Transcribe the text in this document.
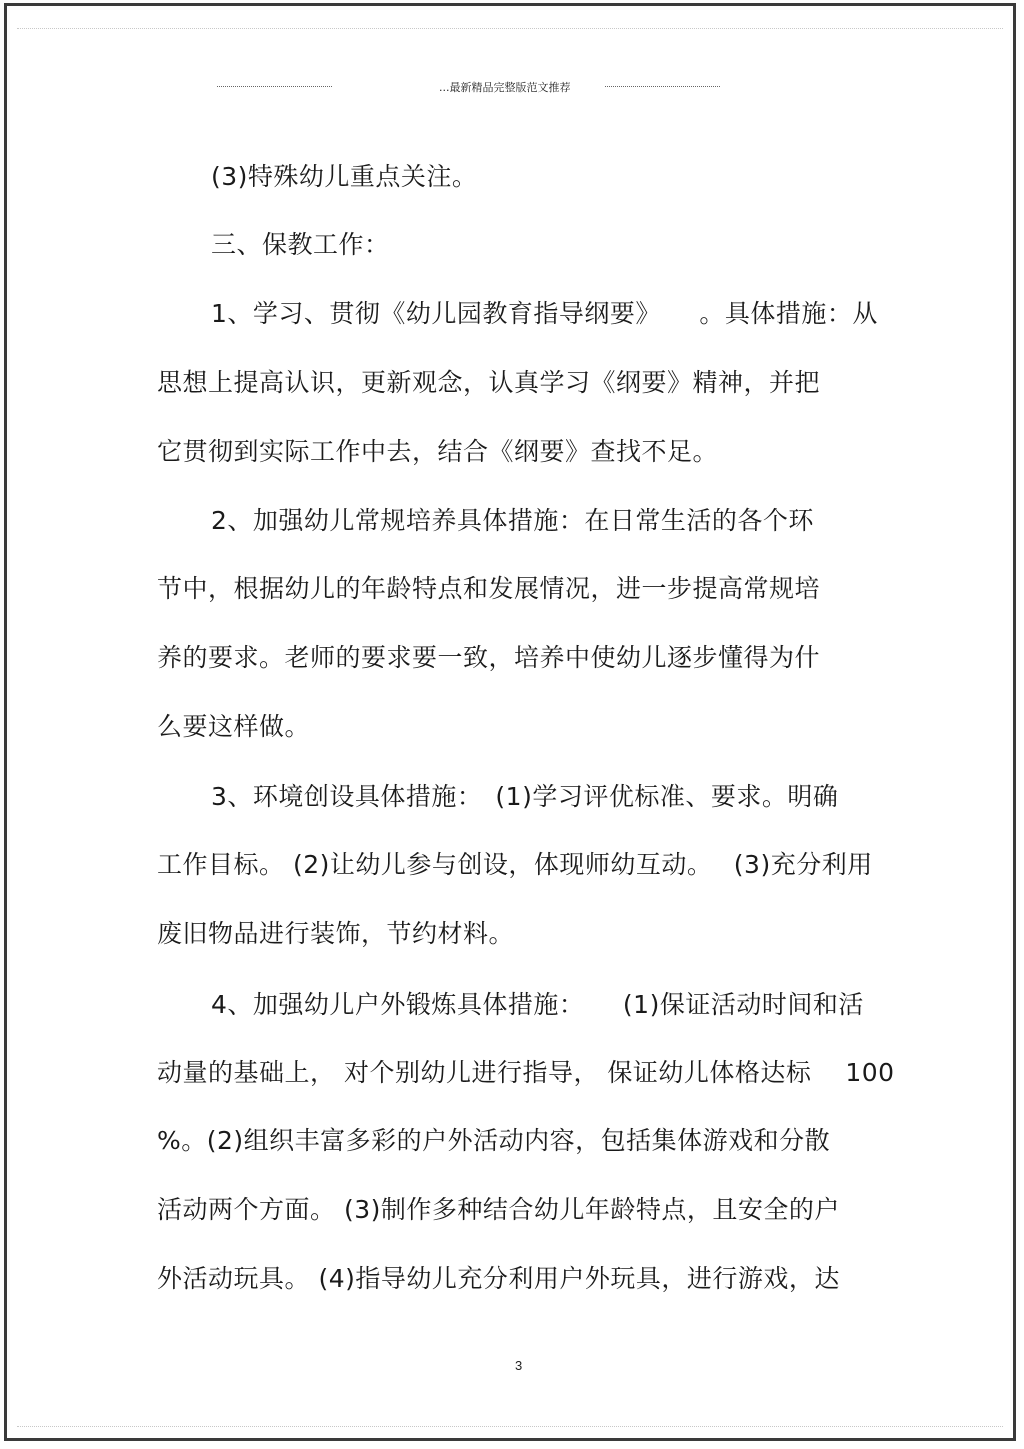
...最新精品完整版范文推荐
(3)特殊幼儿重点关注。
三、保教工作：
1、学习、贯彻《幼儿园教育指导纲要》　　。具体措施：从
思想上提高认识，更新观念，认真学习《纲要》精神，并把
它贯彻到实际工作中去，结合《纲要》查找不足。
2、加强幼儿常规培养具体措施：在日常生活的各个环
节中，根据幼儿的年龄特点和发展情况，进一步提高常规培
养的要求。老师的要求要一致，培养中使幼儿逐步懂得为什
么要这样做。
3、环境创设具体措施：　(1)学习评优标准、要求。明确
工作目标。 (2)让幼儿参与创设，体现师幼互动。　 (3)充分利用
废旧物品进行装饰，节约材料。
4、加强幼儿户外锻炼具体措施：　　(1)保证活动时间和活
动量的基础上， 对个别幼儿进行指导， 保证幼儿体格达标　 100
%。(2)组织丰富多彩的户外活动内容，包括集体游戏和分散
活动两个方面。 (3)制作多种结合幼儿年龄特点，且安全的户
外活动玩具。 (4)指导幼儿充分利用户外玩具，进行游戏，达
3
